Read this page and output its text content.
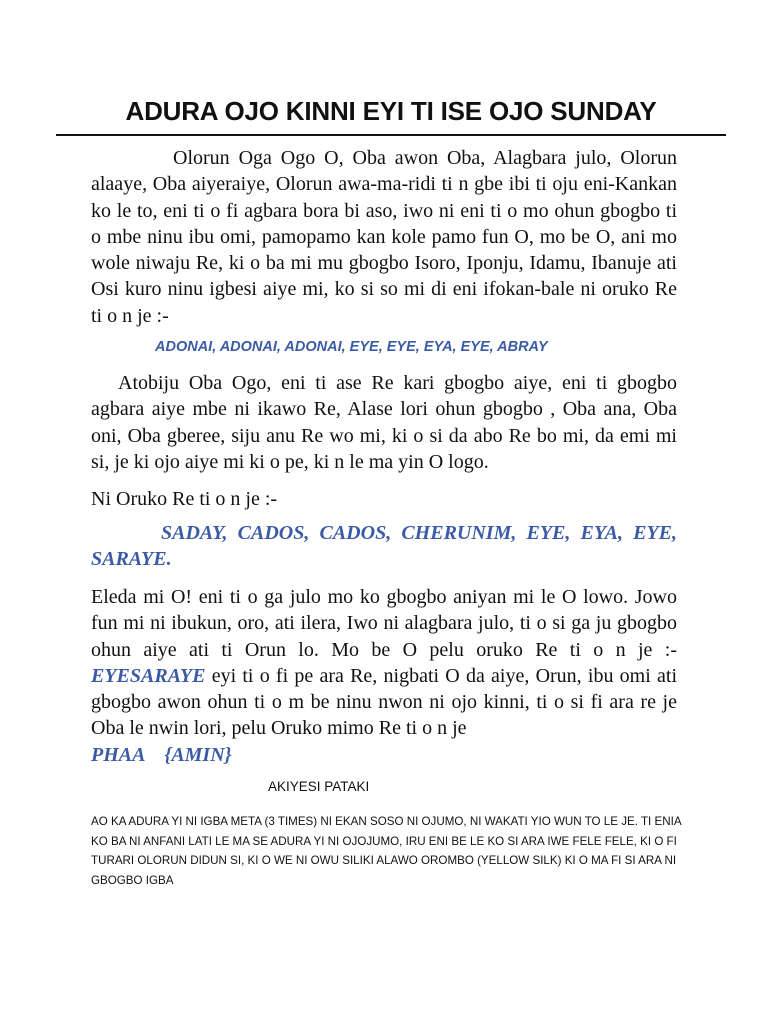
ADURA OJO KINNI EYI TI ISE OJO SUNDAY

Olorun Oga Ogo O, Oba awon Oba, Alagbara julo, Olorun alaaye, Oba aiyeraiye, Olorun awa-ma-ridi ti n gbe ibi ti oju eni-Kankan ko le to, eni ti o fi agbara bora bi aso, iwo ni eni ti o mo ohun gbogbo ti o mbe ninu ibu omi, pamopamo kan kole pamo fun O, mo be O, ani mo wole niwaju Re, ki o ba mi mu gbogbo Isoro, Iponju, Idamu, Ibanuje ati Osi kuro ninu igbesi aiye mi, ko si so mi di eni ifokan-bale ni oruko Re ti o n je :-

ADONAI, ADONAI, ADONAI, EYE, EYE, EYA, EYE, ABRAY

Atobiju Oba Ogo, eni ti ase Re kari gbogbo aiye, eni ti gbogbo agbara aiye mbe ni ikawo Re, Alase lori ohun gbogbo , Oba ana, Oba oni, Oba gberee, siju anu Re wo mi, ki o si da abo Re bo mi, da emi mi si, je ki ojo aiye mi ki o pe, ki n le ma yin O logo.

Ni Oruko Re ti o n je :-

SADAY, CADOS, CADOS, CHERUNIM, EYE, EYA, EYE, SARAYE.

Eleda mi O! eni ti o ga julo mo ko gbogbo aniyan mi le O lowo. Jowo fun mi ni ibukun, oro, ati ilera, Iwo ni alagbara julo, ti o si ga ju gbogbo ohun aiye ati ti Orun lo. Mo be O pelu oruko Re ti o n je :- EYESARAYE eyi ti o fi pe ara Re, nigbati O da aiye, Orun, ibu omi ati gbogbo awon ohun ti o m be ninu nwon ni ojo kinni, ti o si fi ara re je Oba le nwin lori, pelu Oruko mimo Re ti o n je
PHAA    {AMIN}

AKIYESI PATAKI
AO KA ADURA YI NI IGBA META (3 TIMES) NI EKAN SOSO NI OJUMO, NI WAKATI YIO WUN TO LE JE. TI ENIA KO BA NI ANFANI LATI LE MA SE ADURA YI NI OJOJUMO, IRU ENI BE LE KO SI ARA IWE FELE FELE, KI O FI TURARI OLORUN DIDUN SI, KI O WE NI OWU SILIKI ALAWO OROMBO (YELLOW SILK) KI O MA FI SI ARA NI GBOGBO IGBA
